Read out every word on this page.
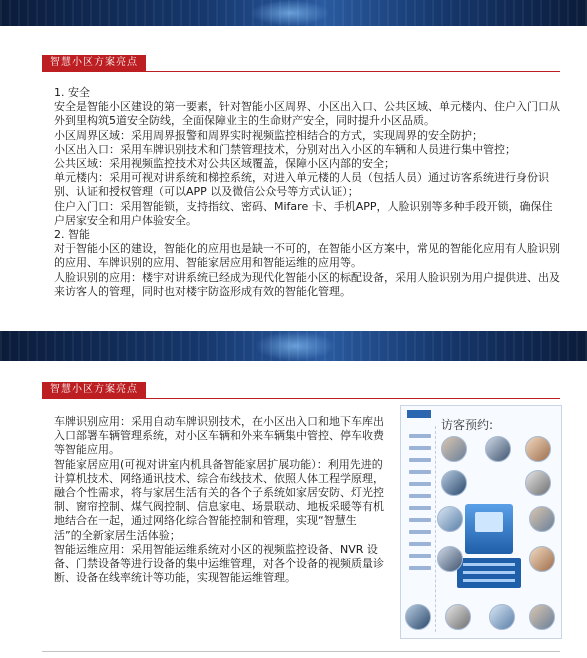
智慧小区方案亮点

1. 安全

安全是智能小区建设的第一要素，针对智能小区周界、小区出入口、公共区域、单元楼内、住户入门口从外到里构筑5道安全防线，全面保障业主的生命财产安全，同时提升小区品质。

小区周界区域：采用周界报警和周界实时视频监控相结合的方式，实现周界的安全防护；

小区出入口：采用车牌识别技术和门禁管理技术，分别对出入小区的车辆和人员进行集中管控；

公共区域：采用视频监控技术对公共区域覆盖，保障小区内部的安全；

单元楼内：采用可视对讲系统和梯控系统，对进入单元楼的人员（包括人员）通过访客系统进行身份识别、认证和授权管理（可以APP 以及微信公众号等方式认证）；

住户入门口：采用智能锁，支持指纹、密码、Mifare 卡、手机APP，人脸识别等多种手段开锁，确保住户居家安全和用户体验安全。

2. 智能

对于智能小区的建设，智能化的应用也是缺一不可的，在智能小区方案中，常见的智能化应用有人脸识别的应用、车牌识别的应用、智能家居应用和智能运维的应用等。

人脸识别的应用：楼宇对讲系统已经成为现代化智能小区的标配设备，采用人脸识别为用户提供进、出及来访客人的管理，同时也对楼宇防盗形成有效的智能化管理。

智慧小区方案亮点

车牌识别应用：采用自动车牌识别技术，在小区出入口和地下车库出入口部署车辆管理系统，对小区车辆和外来车辆集中管控、停车收费等智能应用。

智能家居应用(可视对讲室内机具备智能家居扩展功能）：利用先进的计算机技术、网络通讯技术、综合布线技术、依照人体工程学原理，融合个性需求，将与家居生活有关的各个子系统如家居安防、灯光控制、窗帘控制、煤气阀控制、信息家电、场景联动、地板采暖等有机地结合在一起，通过网络化综合智能控制和管理，实现“智慧生活”的全新家居生活体验；

智能运维应用：采用智能运维系统对小区的视频监控设备、NVR 设备、门禁设备等进行设备的集中运维管理，对各个设备的视频质量诊断、设备在线率统计等功能，实现智能运维管理。

访客预约:
